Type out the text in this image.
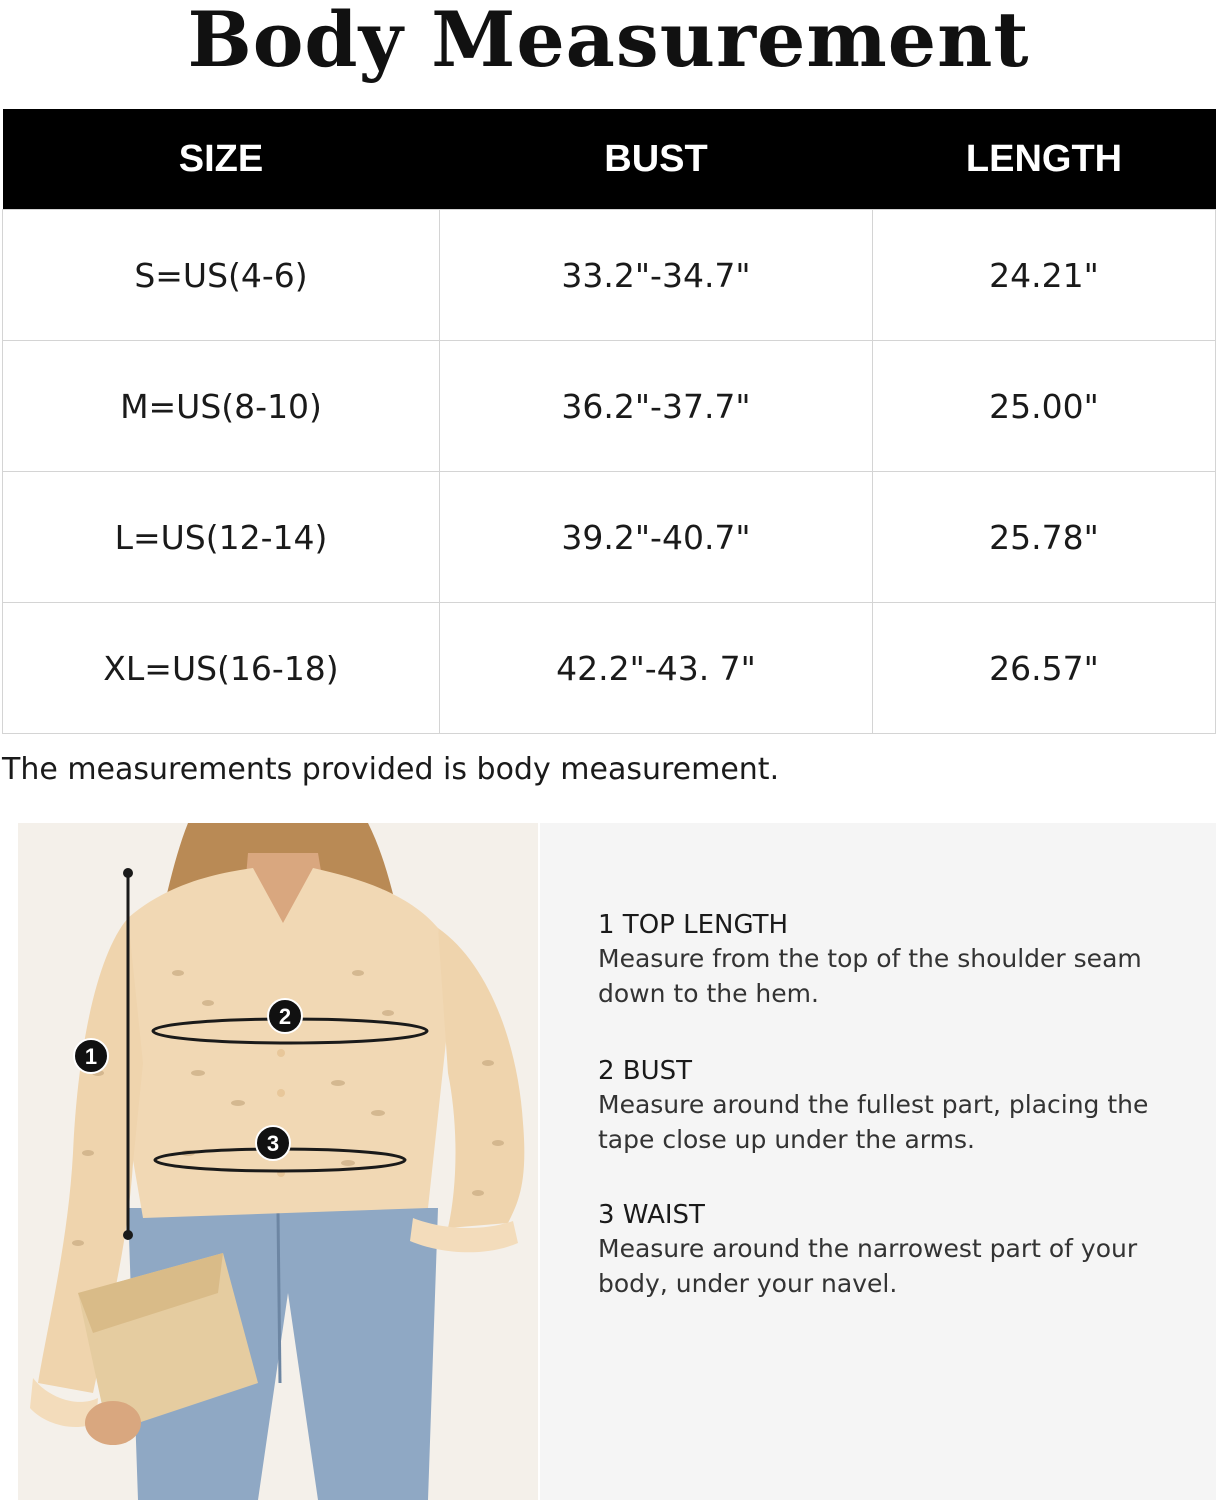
Body Measurement
SIZE	BUST	LENGTH
S=US(4-6)	33.2"-34.7"	24.21"
M=US(8-10)	36.2"-37.7"	25.00"
L=US(12-14)	39.2"-40.7"	25.78"
XL=US(16-18)	42.2"-43. 7"	26.57"
The measurements provided is body measurement.
1
2
3
1 TOP LENGTH
Measure from the top of the shoulder seam down to the hem.
2 BUST
Measure around the fullest part, placing the tape close up under the arms.
3 WAIST
Measure around the narrowest part of your body, under your navel.
